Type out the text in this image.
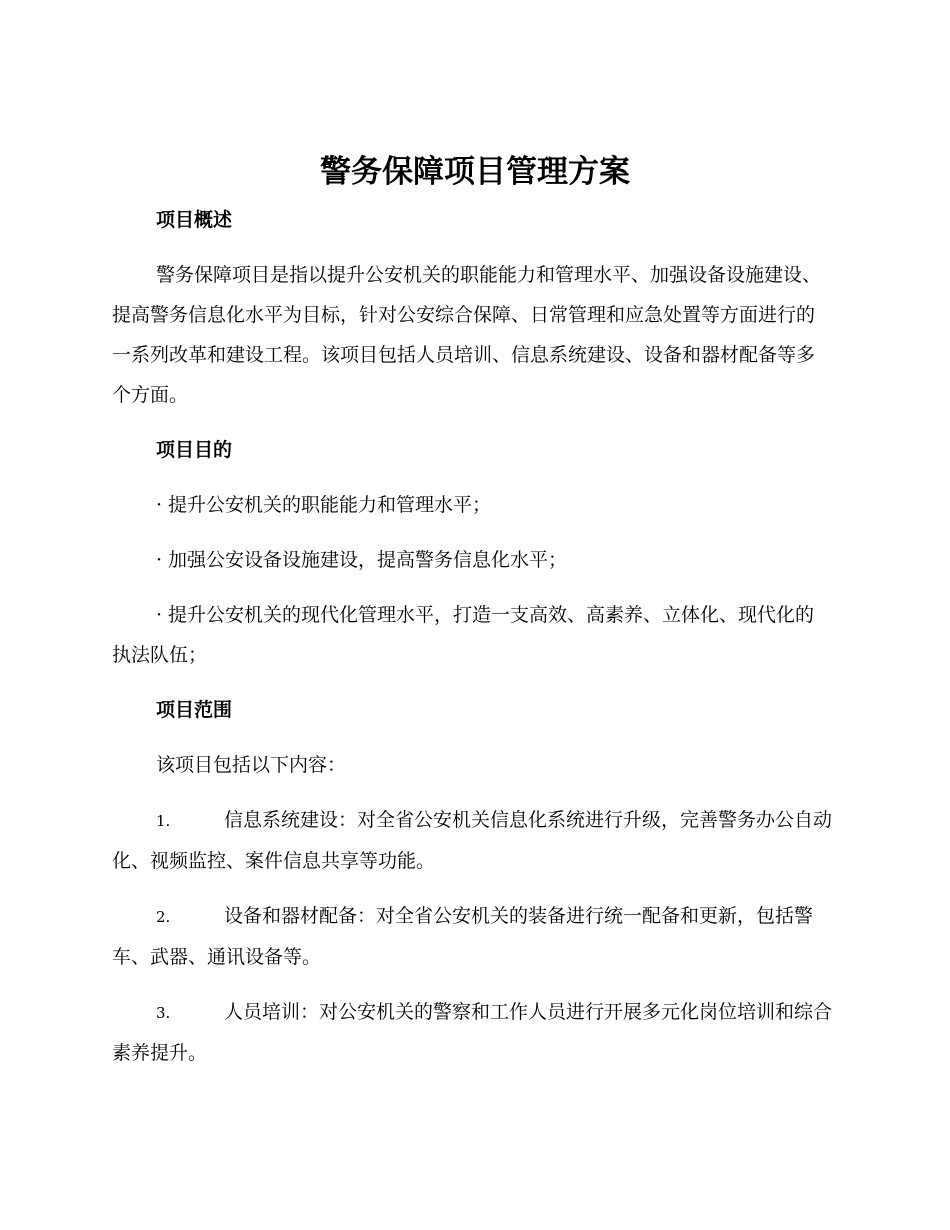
警务保障项目管理方案
项目概述

警务保障项目是指以提升公安机关的职能能力和管理水平、加强设备设施建设、提高警务信息化水平为目标，针对公安综合保障、日常管理和应急处置等方面进行的一系列改革和建设工程。该项目包括人员培训、信息系统建设、设备和器材配备等多个方面。

项目目的

· 提升公安机关的职能能力和管理水平；

· 加强公安设备设施建设，提高警务信息化水平；

· 提升公安机关的现代化管理水平，打造一支高效、高素养、立体化、现代化的执法队伍；

项目范围

该项目包括以下内容：

1.	信息系统建设：对全省公安机关信息化系统进行升级，完善警务办公自动化、视频监控、案件信息共享等功能。

2.	设备和器材配备：对全省公安机关的装备进行统一配备和更新，包括警车、武器、通讯设备等。

3.	人员培训：对公安机关的警察和工作人员进行开展多元化岗位培训和综合素养提升。
